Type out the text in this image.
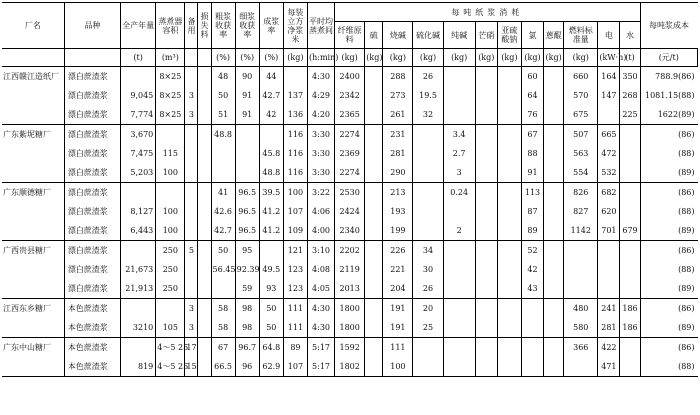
厂名	品种	全产年量	蒸煮器容积	备用	损失料	粗浆收获率	细浆收获率	成浆率	每装立方净浆米	平时均蒸煮间	每吨纸浆消耗												每吨浆成本
											纤维原料	硫	烧碱	硫化碱	纯碱	芒硝	亚硫酸钠	氯	蒽醌	燃料标准量	电	水	
		(t)	(m³)			(%)	(%)	(%)	(kg)	(h:min)	(kg)	(kg)	(kg)	(kg)	(kg)	(kg)	(kg)	(kg)	(kg)	(kg)	(kW·h)	(t)	(元/t)
江西赣江造纸厂	漂白蔗渣浆		8×25			48	90	44		4:30	2400		288	26				60		660	164	350	788.9(86)
	漂白蔗渣浆	9,045	8×25	3		50	91	42.7	137	4:29	2342		273	19.5				64		570	147	268	1081.15(88)
	漂白蔗渣浆	7,774	8×25	3		51	91	42	136	4:20	2365		261	32				76		675		225	1622(89)
广东紫坭糖厂	漂白蔗渣浆	3,670				48.8			116	3:30	2274		231		3.4			67		507	665		(86)
	漂白蔗渣浆	7,475	115					45.8	116	3:30	2369		281		2.7			88		563	472		(88)
	漂白蔗渣浆	5,203	100					48.8	116	3:30	2274		290		3			91		554	532		(89)
广东顺德糖厂	漂白蔗渣浆					41	96.5	39.5	100	3:22	2530		213		0.24			113		826	682		(86)
	漂白蔗渣浆	8,127	100			42.6	96.5	41.2	107	4:06	2424		193					87		827	620		(88)
	漂白蔗渣浆	6,443	100			42.7	96.5	41.2	109	4:00	2340		199		2			89		1142	701	679	(89)
广西贵县糖厂	漂白蔗渣浆		250	5		50	95		121	3:10	2202		226	34				52					(86)
	漂白蔗渣浆	21,673	250			56.45	92.39	49.5	123	4:08	2119		221	30				42					(88)
	漂白蔗渣浆	21,913	250				59	93	123	4:05	2013		204	26				43					(89)
江西东乡糖厂	本色蔗渣浆			3		58	98	50	111	4:30	1800		191	20						480	241	186	(86)
	本色蔗渣浆	3210	105	3		58	98	50	111	4:30	1800		191	25						580	281	186	(89)
广东中山糖厂	本色蔗渣浆		4～5 25	17		67	96.7	64.8	89	5:17	1592		111							366	422		(86)
	本色蔗渣浆	819	4～5 25	15		66.5	96	62.9	107	5:17	1802		100								471		(88)
